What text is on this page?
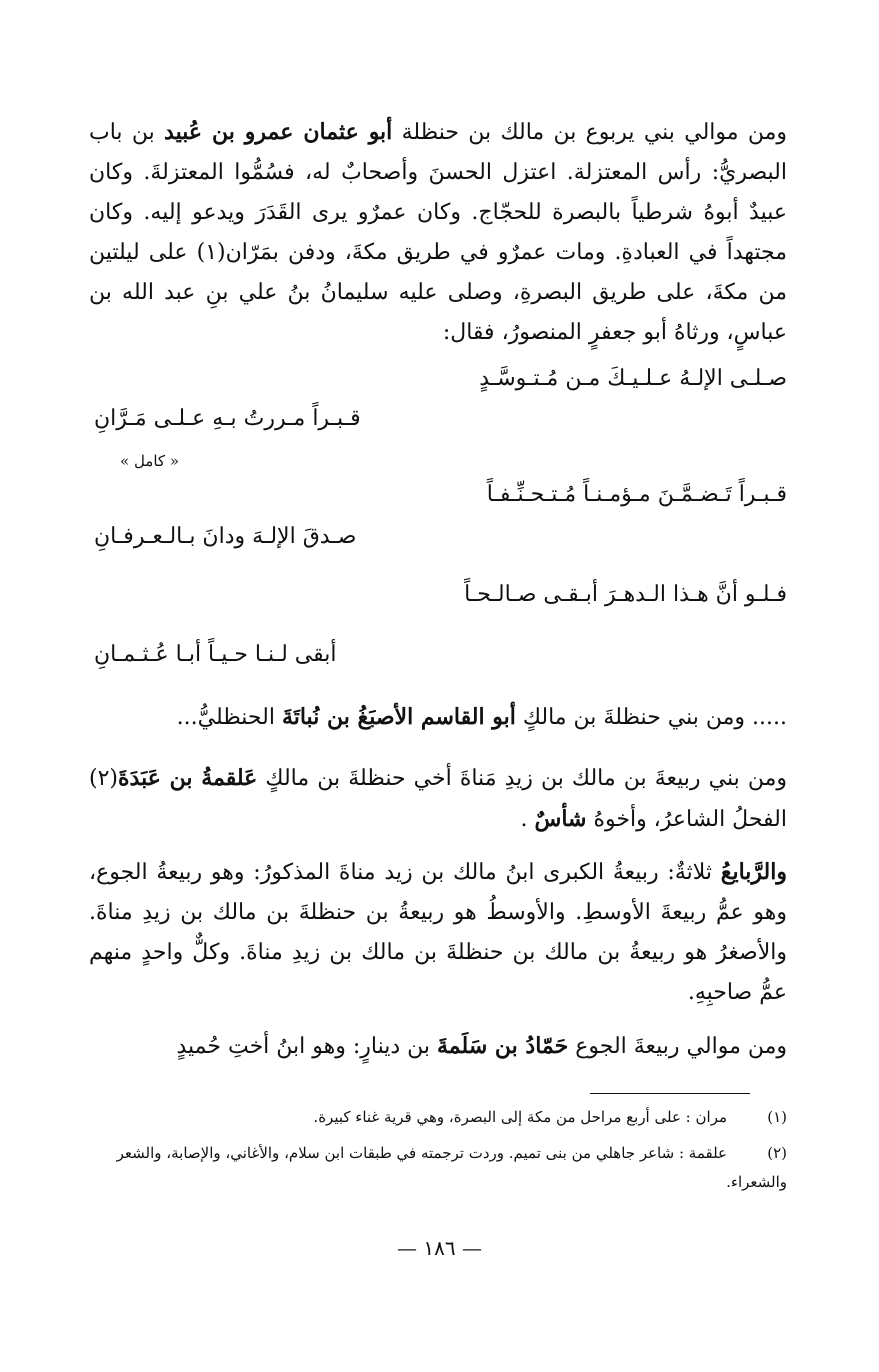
ومن موالي بني يربوع بن مالك بن حنظلة أبو عثمان عمرو بن عُبيد بن باب البصريُّ: رأس المعتزلة. اعتزل الحسنَ وأصحابٌ له، فسُمُّوا المعتزلةَ. وكان عبيدٌ أبوهُ شرطياً بالبصرة للحجّاج. وكان عمرٌو يرى القَدَرَ ويدعو إليه. وكان مجتهداً في العبادةِ. ومات عمرٌو في طريق مكةَ، ودفن بمَرّان(١) على ليلتين من مكةَ، على طريق البصرةِ، وصلى عليه سليمانُ بنُ علي بنِ عبد الله بن عباسٍ، ورثاهُ أبو جعفرٍ المنصورُ، فقال:
صـلـى الإلـهُ عـلـيـكَ مـن مُـتـوسَّـدٍ
قـبـراً مـررتُ بـهِ عـلـى مَـرَّانِ
« كامل »
قـبـراً تَـضـمَّـنَ مـؤمـنـاً مُـتـحـنِّـفـاً
صـدقَ الإلـهَ ودانَ بـالـعـرفـانِ
فـلـو أنَّ هـذا الـدهـرَ أبـقـى صـالـحـاً
أبقى لـنـا حـيـاً أبـا عُـثـمـانِ
..... ومن بني حنظلةَ بن مالكٍ أبو القاسم الأصبَغُ بن نُباتَةَ الحنظليُّ...
ومن بني ربيعةَ بن مالك بن زيدِ مَناةَ أخي حنظلةَ بن مالكٍ عَلقمةُ بن عَبَدَةَ(٢) الفحلُ الشاعرُ، وأخوهُ شأسٌ .
والرَّبايعُ ثلاثةٌ: ربيعةُ الكبرى ابنُ مالك بن زيد مناةَ المذكورُ: وهو ربيعةُ الجوع، وهو عمُّ ربيعةَ الأوسطِ. والأوسطُ هو ربيعةُ بن حنظلةَ بن مالك بن زيدِ مناةَ. والأصغرُ هو ربيعةُ بن مالك بن حنظلةَ بن مالك بن زيدِ مناةَ. وكلٌّ واحدٍ منهم عمُّ صاحبِهِ.
ومن موالي ربيعةَ الجوع حَمّادُ بن سَلَمةَ بن دينارٍ: وهو ابنُ أختِ حُميدٍ
(١)مران : على أربع مراحل من مكة إلى البصرة، وهي قرية غناء كبيرة.
(٢)علقمة : شاعر جاهلي من بنى تميم. وردت ترجمته في طبقات ابن سلام، والأغاني، والإصابة، والشعر والشعراء.
— ١٨٦ —
